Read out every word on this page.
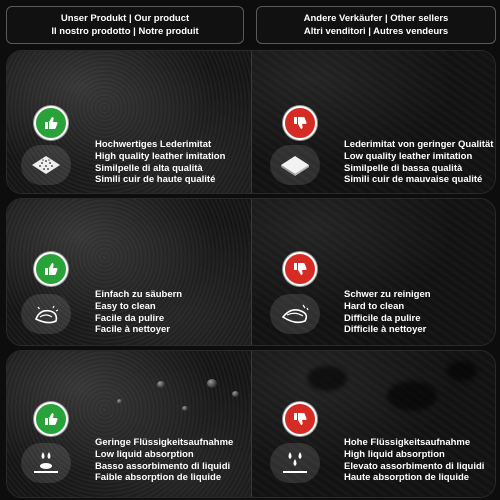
Unser Produkt | Our product
Il nostro prodotto | Notre produit
Andere Verkäufer | Other sellers
Altri venditori | Autres vendeurs
Hochwertiges Lederimitat
High quality leather imitation
Similpelle di alta qualità
Simili cuir de haute qualité
Lederimitat von geringer Qualität
Low quality leather imitation
Similpelle di bassa qualità
Simili cuir de mauvaise qualité
Einfach zu säubern
Easy to clean
Facile da pulire
Facile à nettoyer
Schwer zu reinigen
Hard to clean
Difficile da pulire
Difficile à nettoyer
Geringe Flüssigkeitsaufnahme
Low liquid absorption
Basso assorbimento di liquidi
Faible absorption de liquide
Hohe Flüssigkeitsaufnahme
High liquid absorption
Elevato assorbimento di liquidi
Haute absorption de liquide
